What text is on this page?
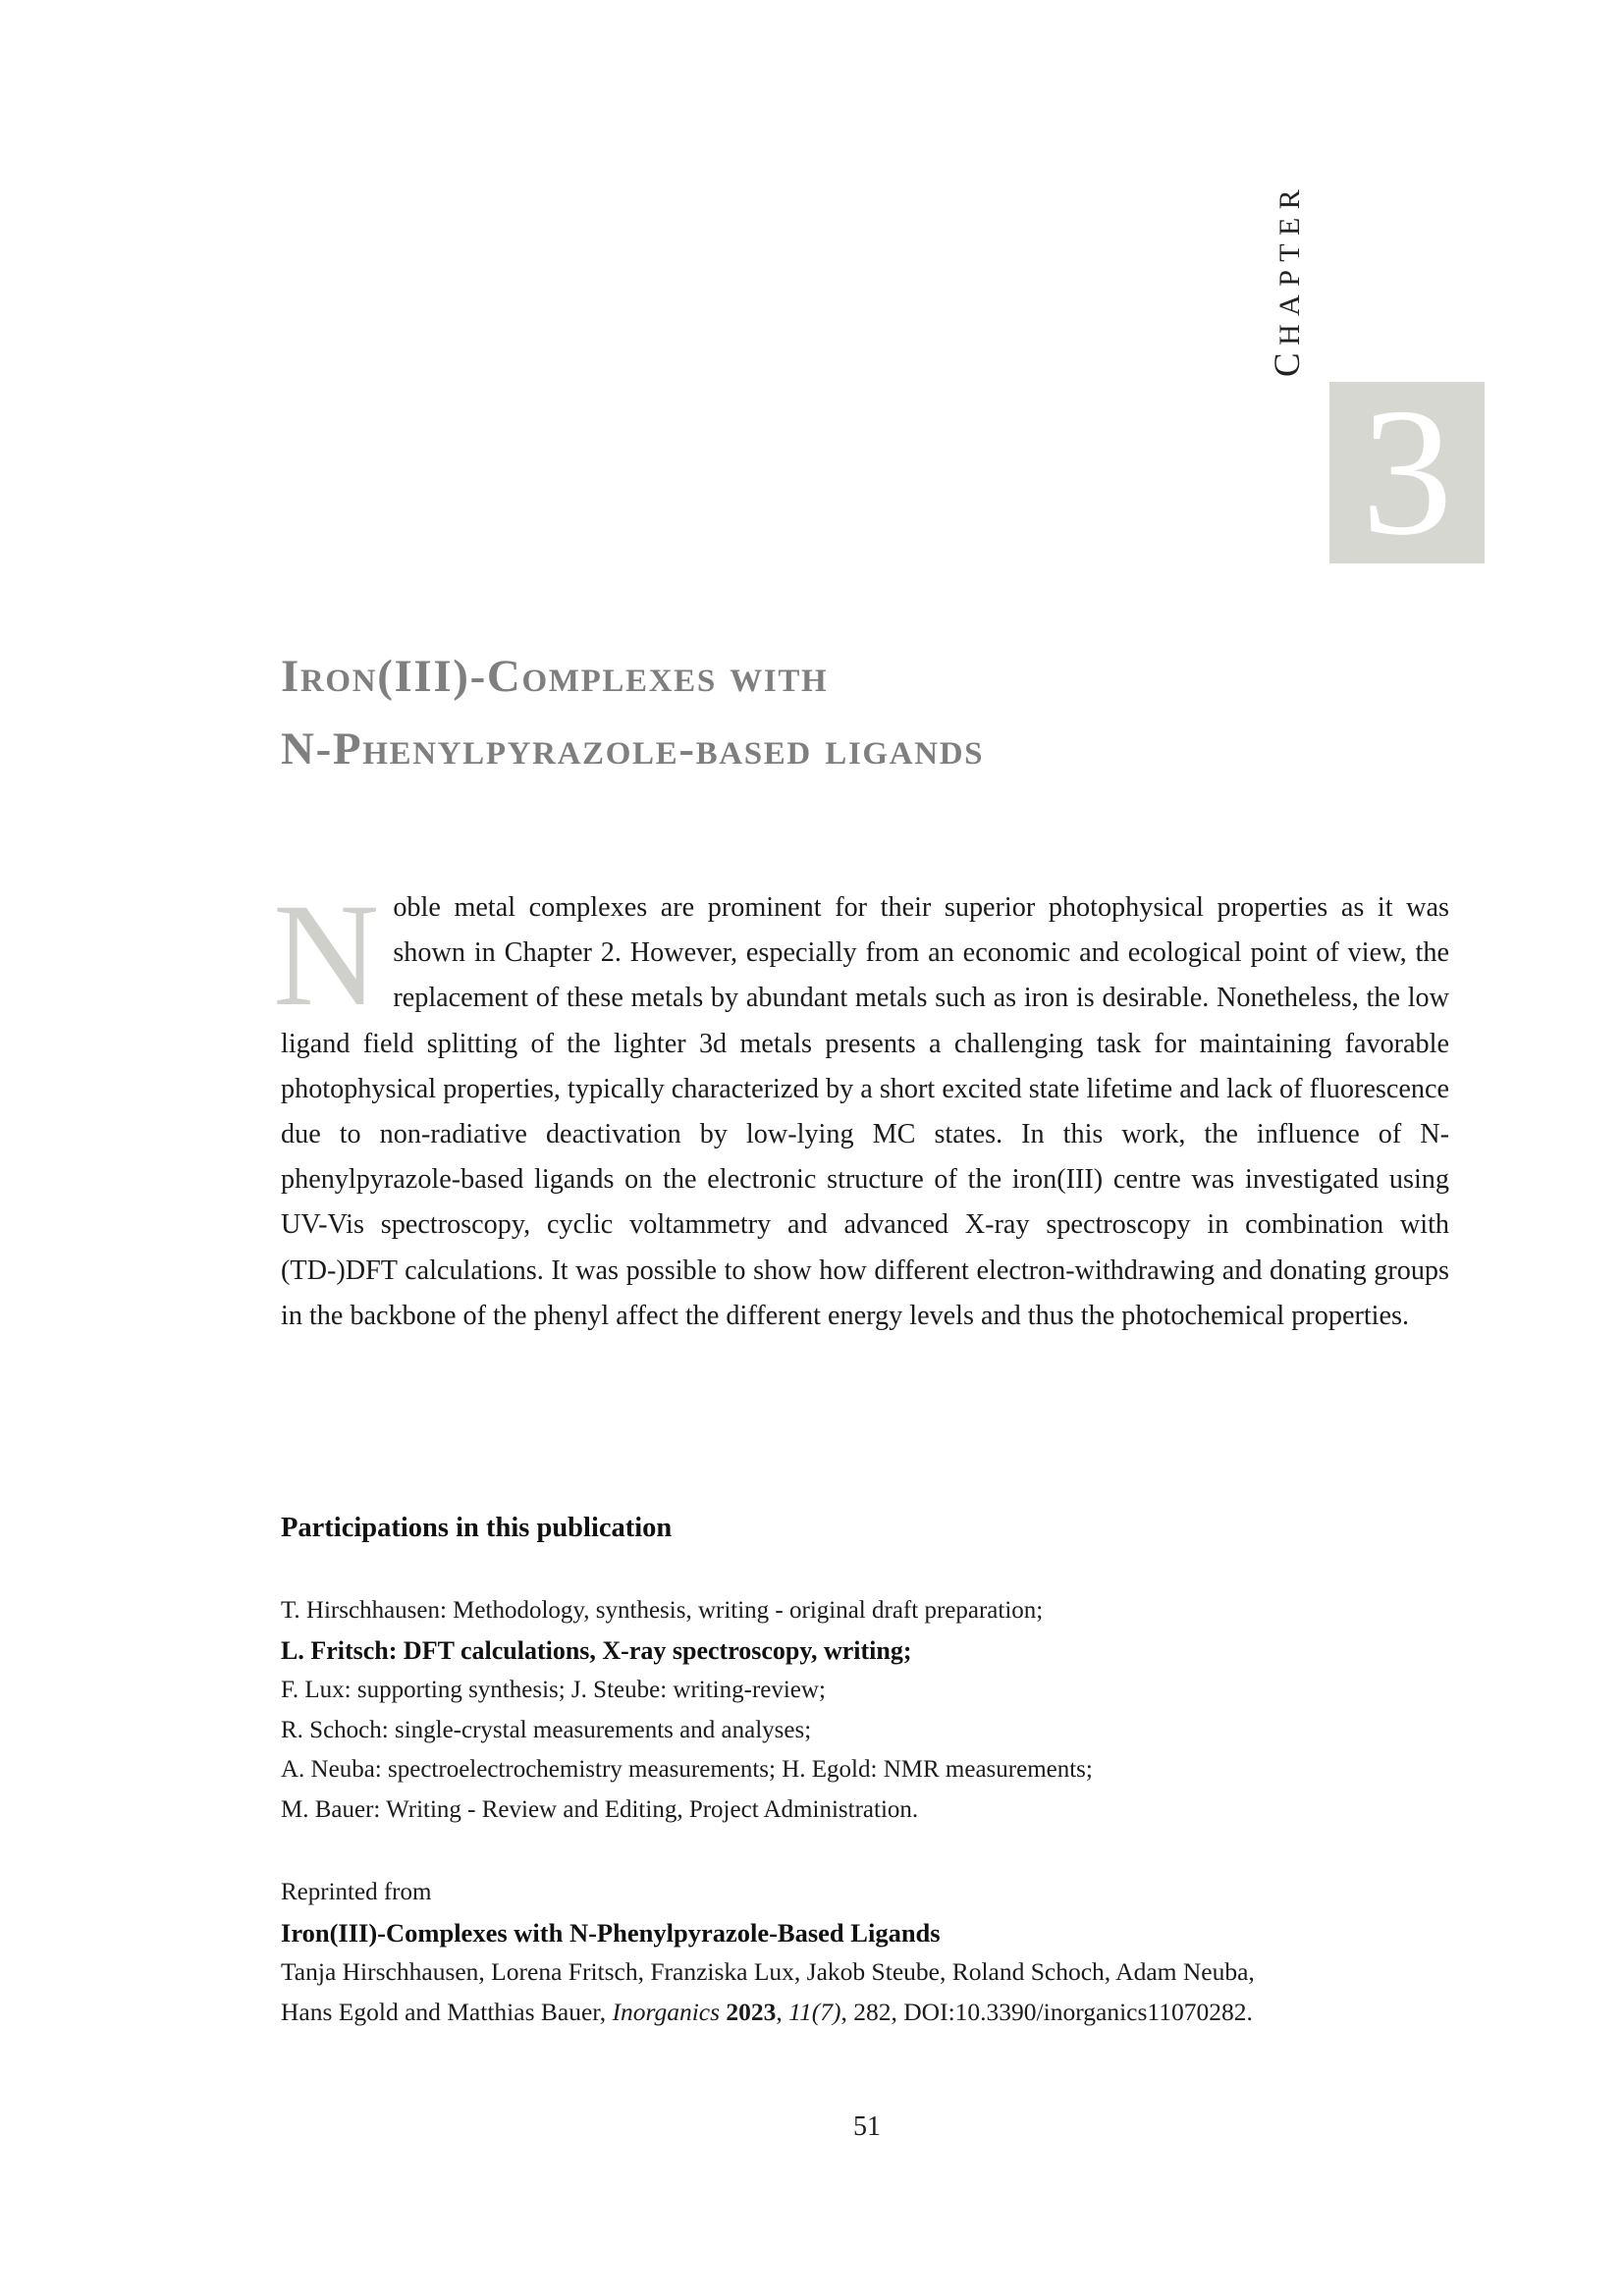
CHAPTER
3
Iron(III)-Complexes with
N-Phenylpyrazole-based ligands
Noble metal complexes are prominent for their superior photophysical properties as it was shown in Chapter 2. However, especially from an economic and ecological point of view, the replacement of these metals by abundant metals such as iron is desirable. Nonetheless, the low ligand field splitting of the lighter 3d metals presents a challenging task for maintaining favorable photophysical properties, typically characterized by a short excited state lifetime and lack of fluorescence due to non-radiative deactivation by low-lying MC states. In this work, the influence of N-phenylpyrazole-based ligands on the electronic structure of the iron(III) centre was investigated using UV-Vis spectroscopy, cyclic voltammetry and advanced X-ray spectroscopy in combination with (TD-)DFT calculations. It was possible to show how different electron-withdrawing and donating groups in the backbone of the phenyl affect the different energy levels and thus the photochemical properties.
Participations in this publication
T. Hirschhausen: Methodology, synthesis, writing - original draft preparation;
L. Fritsch: DFT calculations, X-ray spectroscopy, writing;
F. Lux: supporting synthesis; J. Steube: writing-review;
R. Schoch: single-crystal measurements and analyses;
A. Neuba: spectroelectrochemistry measurements; H. Egold: NMR measurements;
M. Bauer: Writing - Review and Editing, Project Administration.
Reprinted from
Iron(III)-Complexes with N-Phenylpyrazole-Based Ligands
Tanja Hirschhausen, Lorena Fritsch, Franziska Lux, Jakob Steube, Roland Schoch, Adam Neuba,
Hans Egold and Matthias Bauer, Inorganics 2023, 11(7), 282, DOI:10.3390/inorganics11070282.
51
